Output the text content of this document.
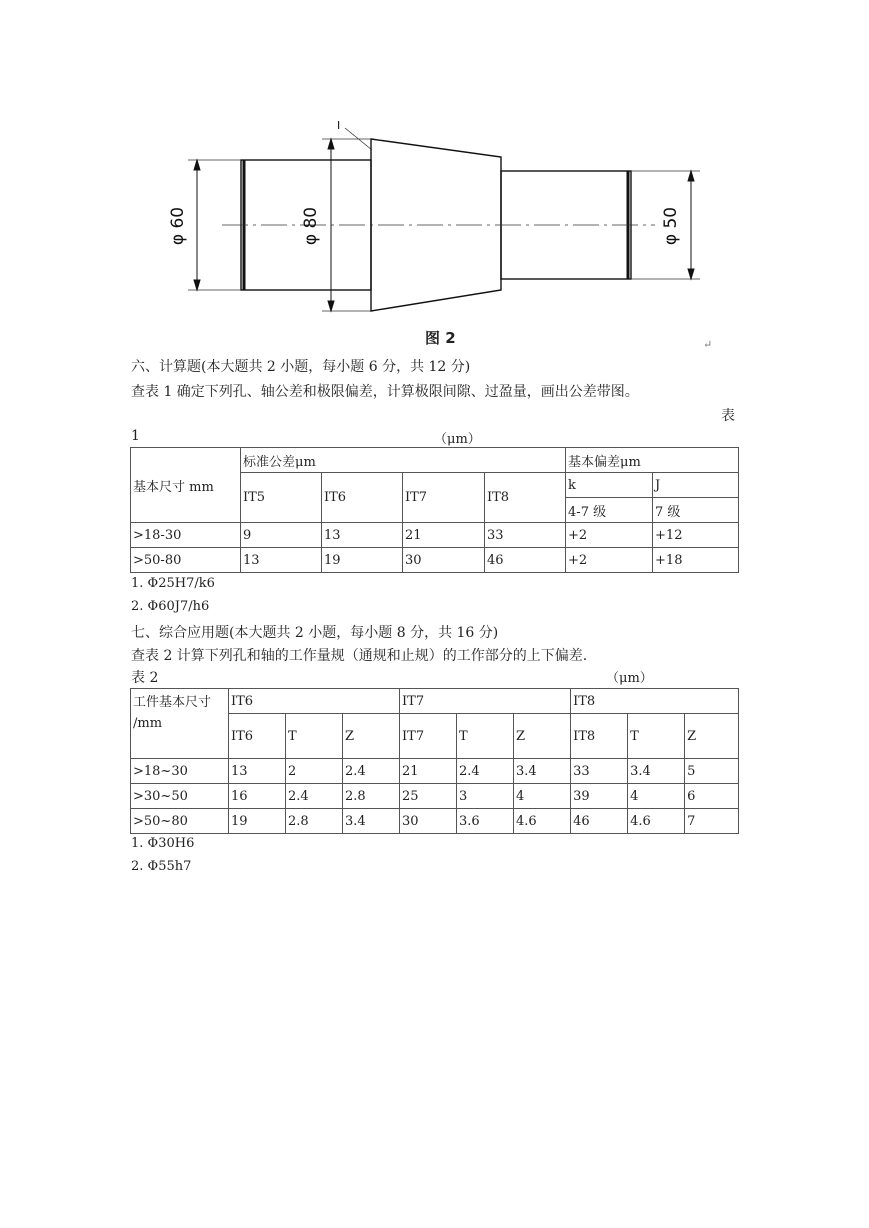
φ 60	φ 80	φ 50
I
图 2	↵
六、计算题(本大题共 2 小题，每小题 6 分，共 12 分)
查表 1 确定下列孔、轴公差和极限偏差，计算极限间隙、过盈量，画出公差带图。
表
1	（μm）
基本尺寸 mm	标准公差μm				基本偏差μm	
	IT5	IT6	IT7	IT8	k	J
					4-7 级	7 级
>18-30	9	13	21	33	+2	+12
>50-80	13	19	30	46	+2	+18
1. Φ25H7/k6
2. Φ60J7/h6
七、综合应用题(本大题共 2 小题，每小题 8 分，共 16 分)
查表 2 计算下列孔和轴的工作量规（通规和止规）的工作部分的上下偏差.
表 2	（μm）
工件基本尺寸
/mm	IT6			IT7			IT8		
	IT6	T	Z	IT7	T	Z	IT8	T	Z
>18~30	13	2	2.4	21	2.4	3.4	33	3.4	5
>30~50	16	2.4	2.8	25	3	4	39	4	6
>50~80	19	2.8	3.4	30	3.6	4.6	46	4.6	7
1. Φ30H6
2. Φ55h7
